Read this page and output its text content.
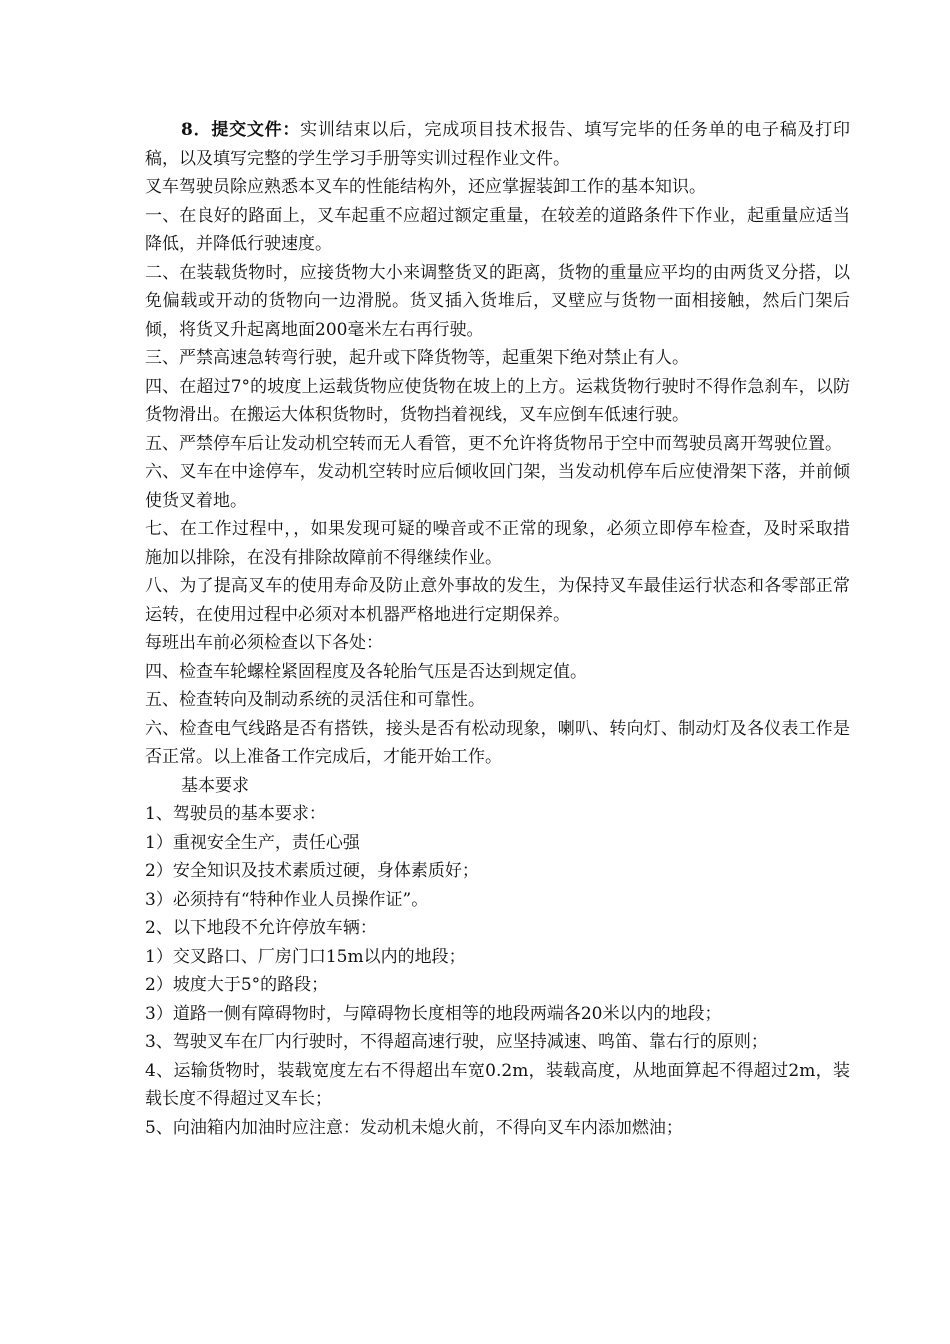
8．提交文件：实训结束以后，完成项目技术报告、填写完毕的任务单的电子稿及打印稿，以及填写完整的学生学习手册等实训过程作业文件。

叉车驾驶员除应熟悉本叉车的性能结构外，还应掌握装卸工作的基本知识。

一、在良好的路面上，叉车起重不应超过额定重量，在较差的道路条件下作业，起重量应适当降低，并降低行驶速度。

二、在装载货物时，应接货物大小来调整货叉的距离，货物的重量应平均的由两货叉分搭，以免偏载或开动的货物向一边滑脱。货叉插入货堆后，叉壁应与货物一面相接触，然后门架后倾，将货叉升起离地面200毫米左右再行驶。

三、严禁高速急转弯行驶，起升或下降货物等，起重架下绝对禁止有人。

四、在超过7°的坡度上运载货物应使货物在坡上的上方。运栽货物行驶时不得作急刹车，以防货物滑出。在搬运大体积货物时，货物挡着视线，叉车应倒车低速行驶。

五、严禁停车后让发动机空转而无人看管，更不允许将货物吊于空中而驾驶员离开驾驶位置。

六、叉车在中途停车，发动机空转时应后倾收回门架，当发动机停车后应使滑架下落，并前倾使货叉着地。

七、在工作过程中，，如果发现可疑的噪音或不正常的现象，必须立即停车检查，及时采取措施加以排除，在没有排除故障前不得继续作业。

八、为了提高叉车的使用寿命及防止意外事故的发生，为保持叉车最佳运行状态和各零部正常运转，在使用过程中必须对本机器严格地进行定期保养。

每班出车前必须检查以下各处：

四、检查车轮螺栓紧固程度及各轮胎气压是否达到规定值。

五、检查转向及制动系统的灵活住和可靠性。

六、检查电气线路是否有搭铁，接头是否有松动现象，喇叭、转向灯、制动灯及各仪表工作是否正常。以上准备工作完成后，才能开始工作。

基本要求

1、驾驶员的基本要求：

1）重视安全生产，责任心强

2）安全知识及技术素质过硬，身体素质好；

3）必须持有“特种作业人员操作证”。

2、以下地段不允许停放车辆：

1）交叉路口、厂房门口15m以内的地段；

2）坡度大于5°的路段；

3）道路一侧有障碍物时，与障碍物长度相等的地段两端各20米以内的地段；

3、驾驶叉车在厂内行驶时，不得超高速行驶，应坚持减速、鸣笛、靠右行的原则；

4、运输货物时，装载宽度左右不得超出车宽0.2m，装载高度，从地面算起不得超过2m，装载长度不得超过叉车长；

5、向油箱内加油时应注意：发动机未熄火前，不得向叉车内添加燃油；
